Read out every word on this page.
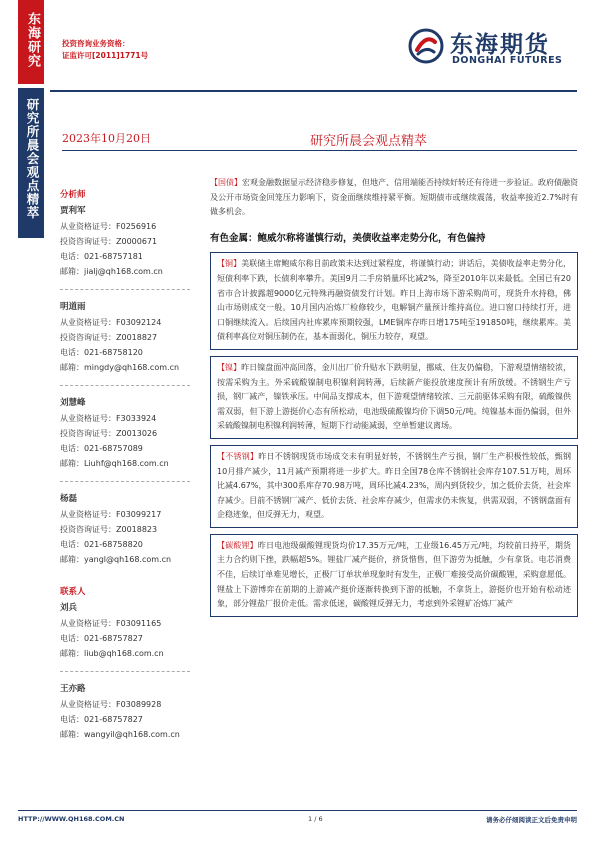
东海研究
研究所晨会观点精萃
投资咨询业务资格：
证监许可[2011]1771号	东海期货
DONGHAI FUTURES
2023年10月20日	研究所晨会观点精萃
分析师
贾利军
从业资格证号：F0256916
投资咨询证号：Z0000671
电话：021-68757181
邮箱：jialj@qh168.com.cn
明道雨
从业资格证号：F03092124
投资咨询证号：Z0018827
电话：021-68758120
邮箱：mingdy@qh168.com.cn
刘慧峰
从业资格证号：F3033924
投资咨询证号：Z0013026
电话：021-68757089
邮箱：Liuhf@qh168.com.cn
杨磊
从业资格证号：F03099217
投资咨询证号：Z0018823
电话：021-68758820
邮箱：yangl@qh168.com.cn
联系人
刘兵
从业资格证号：F03091165
电话：021-68757827
邮箱：liub@qh168.com.cn
王亦路
从业资格证号：F03089928
电话：021-68757827
邮箱：wangyil@qh168.com.cn
【国债】宏观金融数据显示经济稳步修复，但地产、信用端能否持续好转还有待进一步验证。政府债融资及公开市场资金回笼压力影响下，资金面继续维持紧平衡。短期债市或继续震荡，收益率接近2.7%时有做多机会。
有色金属：鲍威尔称将谨慎行动，美债收益率走势分化，有色偏持
【铜】美联储主席鲍威尔称目前政策未达到过紧程度，将谨慎行动；讲话后，美债收益率走势分化，短债利率下跌，长债利率攀升。美国9月二手房销量环比减2%，降至2010年以来最低。全国已有20省市合计披露超9000亿元特殊再融资债发行计划。昨日上海市场下游采购尚可，现货升水持稳，佛山市场则成交一般。10月国内冶炼厂检修较少，电解铜产量预计维持高位。进口窗口持续打开，进口铜继续流入。后续国内社库累库预期较强，LME铜库存昨日增175吨至191850吨，继续累库。美债利率高位对铜压制仍在，基本面弱化，铜压力较存，观望。
【镍】昨日镍盘面冲高回落，金川出厂价升贴水下跌明显，挪威、住友仍偏稳，下游观望情绪较浓，按需采购为主。外采硫酸镍制电积镍利润转薄，后续新产能投放速度预计有所放缓。不锈钢生产亏损，钢厂减产，镍铁承压。中间品支撑成本，但下游观望情绪较浓、三元前驱体采购有限，硫酸镍供需双弱，但下游上游挺价心态有所松动，电池级硫酸镍均价下调50元/吨。纯镍基本面仍偏弱，但外采硫酸镍制电积镍利润转薄，短期下行动能减弱，空单暂建议离场。
【不锈钢】昨日不锈钢现货市场成交未有明显好转，不锈钢生产亏损，钢厂生产积极性较低，甄钢10月排产减少，11月减产预期将进一步扩大。昨日全国78仓库不锈钢社会库存107.51万吨，周环比减4.67%，其中300系库存70.98万吨，周环比减4.23%，周内到货较少，加之低价去货，社会库存减少。目前不锈钢厂减产、低价去货、社会库存减少，但需求仍未恢复，供需双弱，不锈钢盘面有企稳迹象，但反弹无力，观望。
【碳酸锂】昨日电池级碳酸锂现货均价17.35万元/吨，工业级16.45万元/吨，均较前日持平，期货主力合约则下挫，跌幅超5%。锂盐厂减产挺价，挤货惜售，但下游劳为抵触，少有拿货。电芯消费不佳，后续订单难见增长，正极厂订单状单现象时有发生，正极厂难接受高价碳酸锂，采购意愿低。锂盐上下游博弈在前期的上游减产挺价逐渐转换到下游的抵触，不拿货上，游挺价也开始有松动迹象，部分锂盐厂报价走低。需求低迷，碳酸锂反弹无力，考虑到外采锂矿冶炼厂减产
HTTP://WWW.QH168.COM.CN	1 / 6	请务必仔细阅读正文后免责申明
